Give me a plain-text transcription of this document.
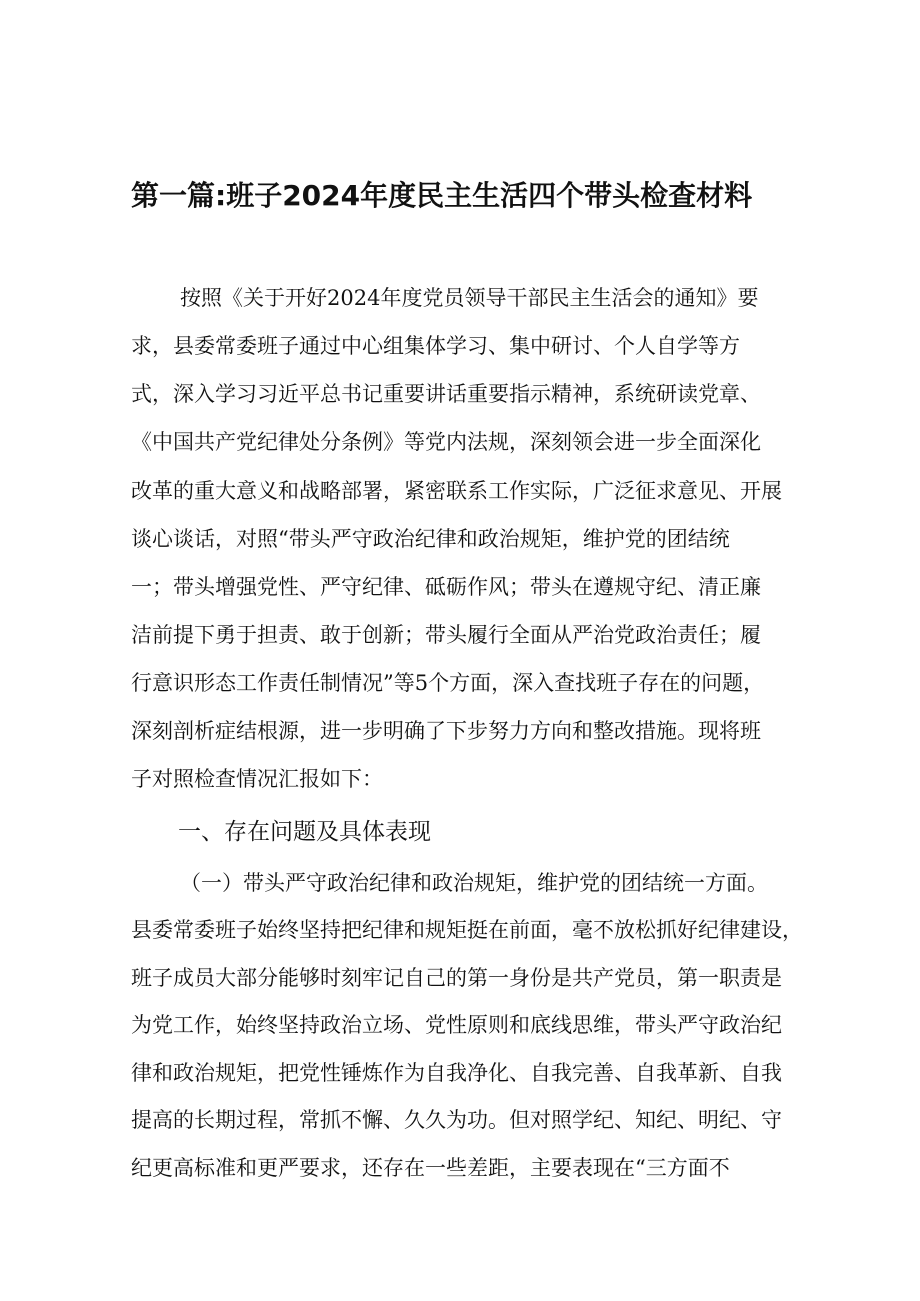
第一篇:班子2024年度民主生活四个带头检查材料
按照《关于开好2024年度党员领导干部民主生活会的通知》要
求，县委常委班子通过中心组集体学习、集中研讨、个人自学等方
式，深入学习习近平总书记重要讲话重要指示精神，系统研读党章、
《中国共产党纪律处分条例》等党内法规，深刻领会进一步全面深化
改革的重大意义和战略部署，紧密联系工作实际，广泛征求意见、开展
谈心谈话，对照“带头严守政治纪律和政治规矩，维护党的团结统
一；带头增强党性、严守纪律、砥砺作风；带头在遵规守纪、清正廉
洁前提下勇于担责、敢于创新；带头履行全面从严治党政治责任；履
行意识形态工作责任制情况”等5个方面，深入查找班子存在的问题，
深刻剖析症结根源，进一步明确了下步努力方向和整改措施。现将班
子对照检查情况汇报如下：
一、存在问题及具体表现
（一）带头严守政治纪律和政治规矩，维护党的团结统一方面。
县委常委班子始终坚持把纪律和规矩挺在前面，毫不放松抓好纪律建设，
班子成员大部分能够时刻牢记自己的第一身份是共产党员，第一职责是
为党工作，始终坚持政治立场、党性原则和底线思维，带头严守政治纪
律和政治规矩，把党性锤炼作为自我净化、自我完善、自我革新、自我
提高的长期过程，常抓不懈、久久为功。但对照学纪、知纪、明纪、守
纪更高标准和更严要求，还存在一些差距，主要表现在“三方面不
